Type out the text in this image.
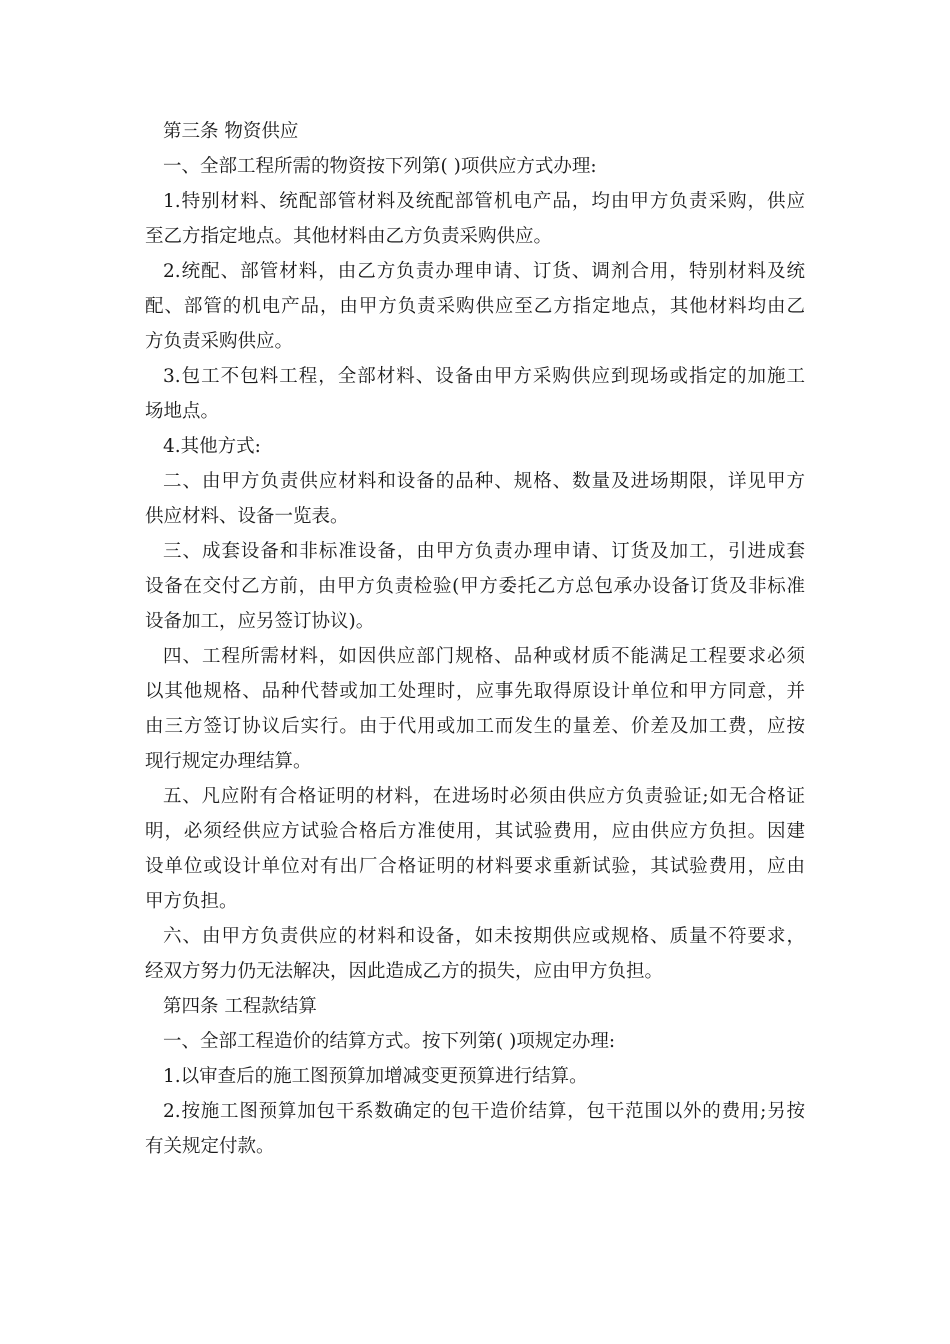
第三条 物资供应
一、全部工程所需的物资按下列第( )项供应方式办理:
1.特别材料、统配部管材料及统配部管机电产品，均由甲方负责采购，供应
至乙方指定地点。其他材料由乙方负责采购供应。
2.统配、部管材料，由乙方负责办理申请、订货、调剂合用，特别材料及统
配、部管的机电产品，由甲方负责采购供应至乙方指定地点，其他材料均由乙
方负责采购供应。
3.包工不包料工程，全部材料、设备由甲方采购供应到现场或指定的加施工
场地点。
4.其他方式:
二、由甲方负责供应材料和设备的品种、规格、数量及进场期限，详见甲方
供应材料、设备一览表。
三、成套设备和非标准设备，由甲方负责办理申请、订货及加工，引进成套
设备在交付乙方前，由甲方负责检验(甲方委托乙方总包承办设备订货及非标准
设备加工，应另签订协议)。
四、工程所需材料，如因供应部门规格、品种或材质不能满足工程要求必须
以其他规格、品种代替或加工处理时，应事先取得原设计单位和甲方同意，并
由三方签订协议后实行。由于代用或加工而发生的量差、价差及加工费，应按
现行规定办理结算。
五、凡应附有合格证明的材料，在进场时必须由供应方负责验证;如无合格证
明，必须经供应方试验合格后方准使用，其试验费用，应由供应方负担。因建
设单位或设计单位对有出厂合格证明的材料要求重新试验，其试验费用，应由
甲方负担。
六、由甲方负责供应的材料和设备，如未按期供应或规格、质量不符要求，
经双方努力仍无法解决，因此造成乙方的损失，应由甲方负担。
第四条 工程款结算
一、全部工程造价的结算方式。按下列第( )项规定办理:
1.以审查后的施工图预算加增减变更预算进行结算。
2.按施工图预算加包干系数确定的包干造价结算，包干范围以外的费用;另按
有关规定付款。
